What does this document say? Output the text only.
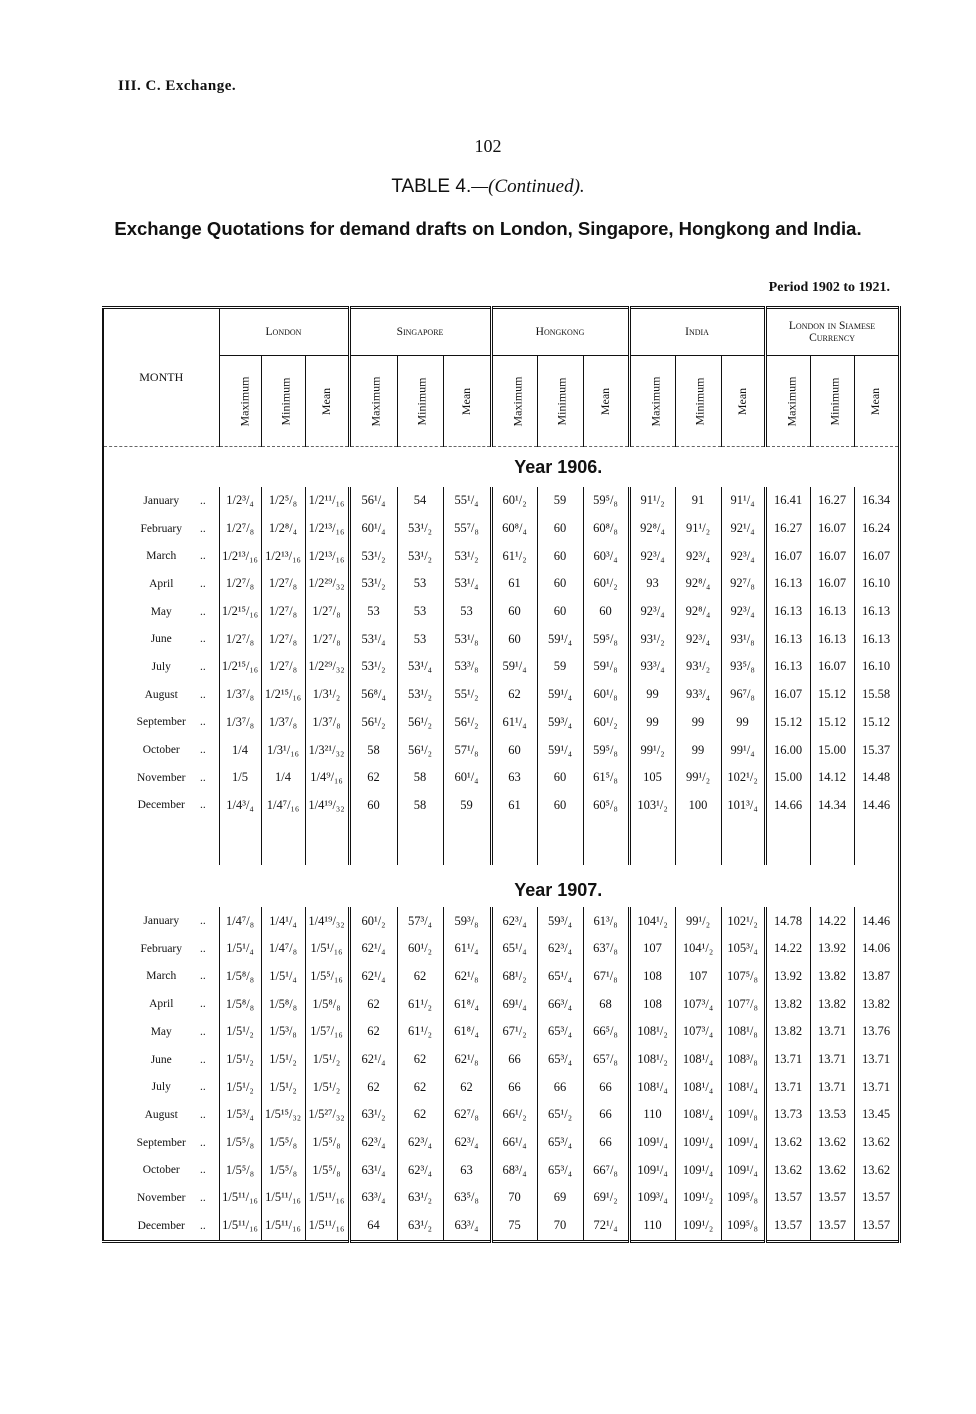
III. C. Exchange.
102
TABLE 4.—(Continued).
Exchange Quotations for demand drafts on London, Singapore, Hongkong and India.
Period 1902 to 1921.
MONTH	London			Singapore			Hongkong			India			London in Siamese Currency		
	Maximum	Minimum	Mean	Maximum	Minimum	Mean	Maximum	Minimum	Mean	Maximum	Minimum	Mean	Maximum	Minimum	Mean
	Year 1906.														
January ..	1/2³/₄	1/2⁵/₈	1/2¹¹/₁₆	56¹/₄	54	55¹/₄	60¹/₂	59	59⁵/₈	91¹/₂	91	91¹/₄	16.41	16.27	16.34
February ..	1/2⁷/₈	1/2⁸/₄	1/2¹³/₁₆	60¹/₄	53¹/₂	55⁷/₈	60⁸/₄	60	60⁸/₈	92⁸/₄	91¹/₂	92¹/₄	16.27	16.07	16.24
March ..	1/2¹³/₁₆	1/2¹³/₁₆	1/2¹³/₁₆	53¹/₂	53¹/₂	53¹/₂	61¹/₂	60	60³/₄	92³/₄	92³/₄	92³/₄	16.07	16.07	16.07
April ..	1/2⁷/₈	1/2⁷/₈	1/2²⁹/₃₂	53¹/₂	53	53¹/₄	61	60	60¹/₂	93	92⁸/₄	92⁷/₈	16.13	16.07	16.10
May ..	1/2¹⁵/₁₆	1/2⁷/₈	1/2⁷/₈	53	53	53	60	60	60	92³/₄	92⁸/₄	92³/₄	16.13	16.13	16.13
June ..	1/2⁷/₈	1/2⁷/₈	1/2⁷/₈	53¹/₄	53	53¹/₈	60	59¹/₄	59⁵/₈	93¹/₂	92³/₄	93¹/₈	16.13	16.13	16.13
July ..	1/2¹⁵/₁₆	1/2⁷/₈	1/2²⁹/₃₂	53¹/₂	53¹/₄	53³/₈	59¹/₄	59	59¹/₈	93³/₄	93¹/₂	93⁵/₈	16.13	16.07	16.10
August ..	1/3⁷/₈	1/2¹⁵/₁₆	1/3¹/₂	56⁸/₄	53¹/₂	55¹/₂	62	59¹/₄	60¹/₈	99	93³/₄	96⁷/₈	16.07	15.12	15.58
September ..	1/3⁷/₈	1/3⁷/₈	1/3⁷/₈	56¹/₂	56¹/₂	56¹/₂	61¹/₄	59³/₄	60¹/₂	99	99	99	15.12	15.12	15.12
October ..	1/4	1/3¹/₁₆	1/3²¹/₃₂	58	56¹/₂	57¹/₈	60	59¹/₄	59⁵/₈	99¹/₂	99	99¹/₄	16.00	15.00	15.37
November ..	1/5	1/4	1/4⁹/₁₆	62	58	60¹/₄	63	60	61⁵/₈	105	99¹/₂	102¹/₂	15.00	14.12	14.48
December ..	1/4³/₄	1/4⁷/₁₆	1/4¹⁹/₃₂	60	58	59	61	60	60⁵/₈	103¹/₂	100	101³/₄	14.66	14.34	14.46

	Year 1907.														
January ..	1/4⁷/₈	1/4¹/₄	1/4¹⁹/₃₂	60¹/₂	57³/₄	59³/₈	62³/₄	59³/₄	61³/₈	104¹/₂	99¹/₂	102¹/₂	14.78	14.22	14.46
February ..	1/5¹/₄	1/4⁷/₈	1/5¹/₁₆	62¹/₄	60¹/₂	61¹/₄	65¹/₄	62³/₄	63⁷/₈	107	104¹/₂	105³/₄	14.22	13.92	14.06
March ..	1/5⁸/₈	1/5¹/₄	1/5⁵/₁₆	62¹/₄	62	62¹/₈	68¹/₂	65¹/₄	67¹/₈	108	107	107⁵/₈	13.92	13.82	13.87
April ..	1/5⁸/₈	1/5⁸/₈	1/5⁸/₈	62	61¹/₂	61⁸/₄	69¹/₄	66³/₄	68	108	107³/₄	107⁷/₈	13.82	13.82	13.82
May ..	1/5¹/₂	1/5³/₈	1/5⁷/₁₆	62	61¹/₂	61⁸/₄	67¹/₂	65³/₄	66⁵/₈	108¹/₂	107³/₄	108¹/₈	13.82	13.71	13.76
June ..	1/5¹/₂	1/5¹/₂	1/5¹/₂	62¹/₄	62	62¹/₈	66	65³/₄	65⁷/₈	108¹/₂	108¹/₄	108³/₈	13.71	13.71	13.71
July ..	1/5¹/₂	1/5¹/₂	1/5¹/₂	62	62	62	66	66	66	108¹/₄	108¹/₄	108¹/₄	13.71	13.71	13.71
August ..	1/5³/₄	1/5¹⁵/₃₂	1/5²⁷/₃₂	63¹/₂	62	62⁷/₈	66¹/₂	65¹/₂	66	110	108¹/₄	109¹/₈	13.73	13.53	13.45
September ..	1/5⁵/₈	1/5⁵/₈	1/5⁵/₈	62³/₄	62³/₄	62³/₄	66¹/₄	65³/₄	66	109¹/₄	109¹/₄	109¹/₄	13.62	13.62	13.62
October ..	1/5⁵/₈	1/5⁵/₈	1/5⁵/₈	63¹/₄	62³/₄	63	68³/₄	65³/₄	66⁷/₈	109¹/₄	109¹/₄	109¹/₄	13.62	13.62	13.62
November ..	1/5¹¹/₁₆	1/5¹¹/₁₆	1/5¹¹/₁₆	63³/₄	63¹/₂	63⁵/₈	70	69	69¹/₂	109³/₄	109¹/₂	109⁵/₈	13.57	13.57	13.57
December ..	1/5¹¹/₁₆	1/5¹¹/₁₆	1/5¹¹/₁₆	64	63¹/₂	63³/₄	75	70	72¹/₄	110	109¹/₂	109⁵/₈	13.57	13.57	13.57
